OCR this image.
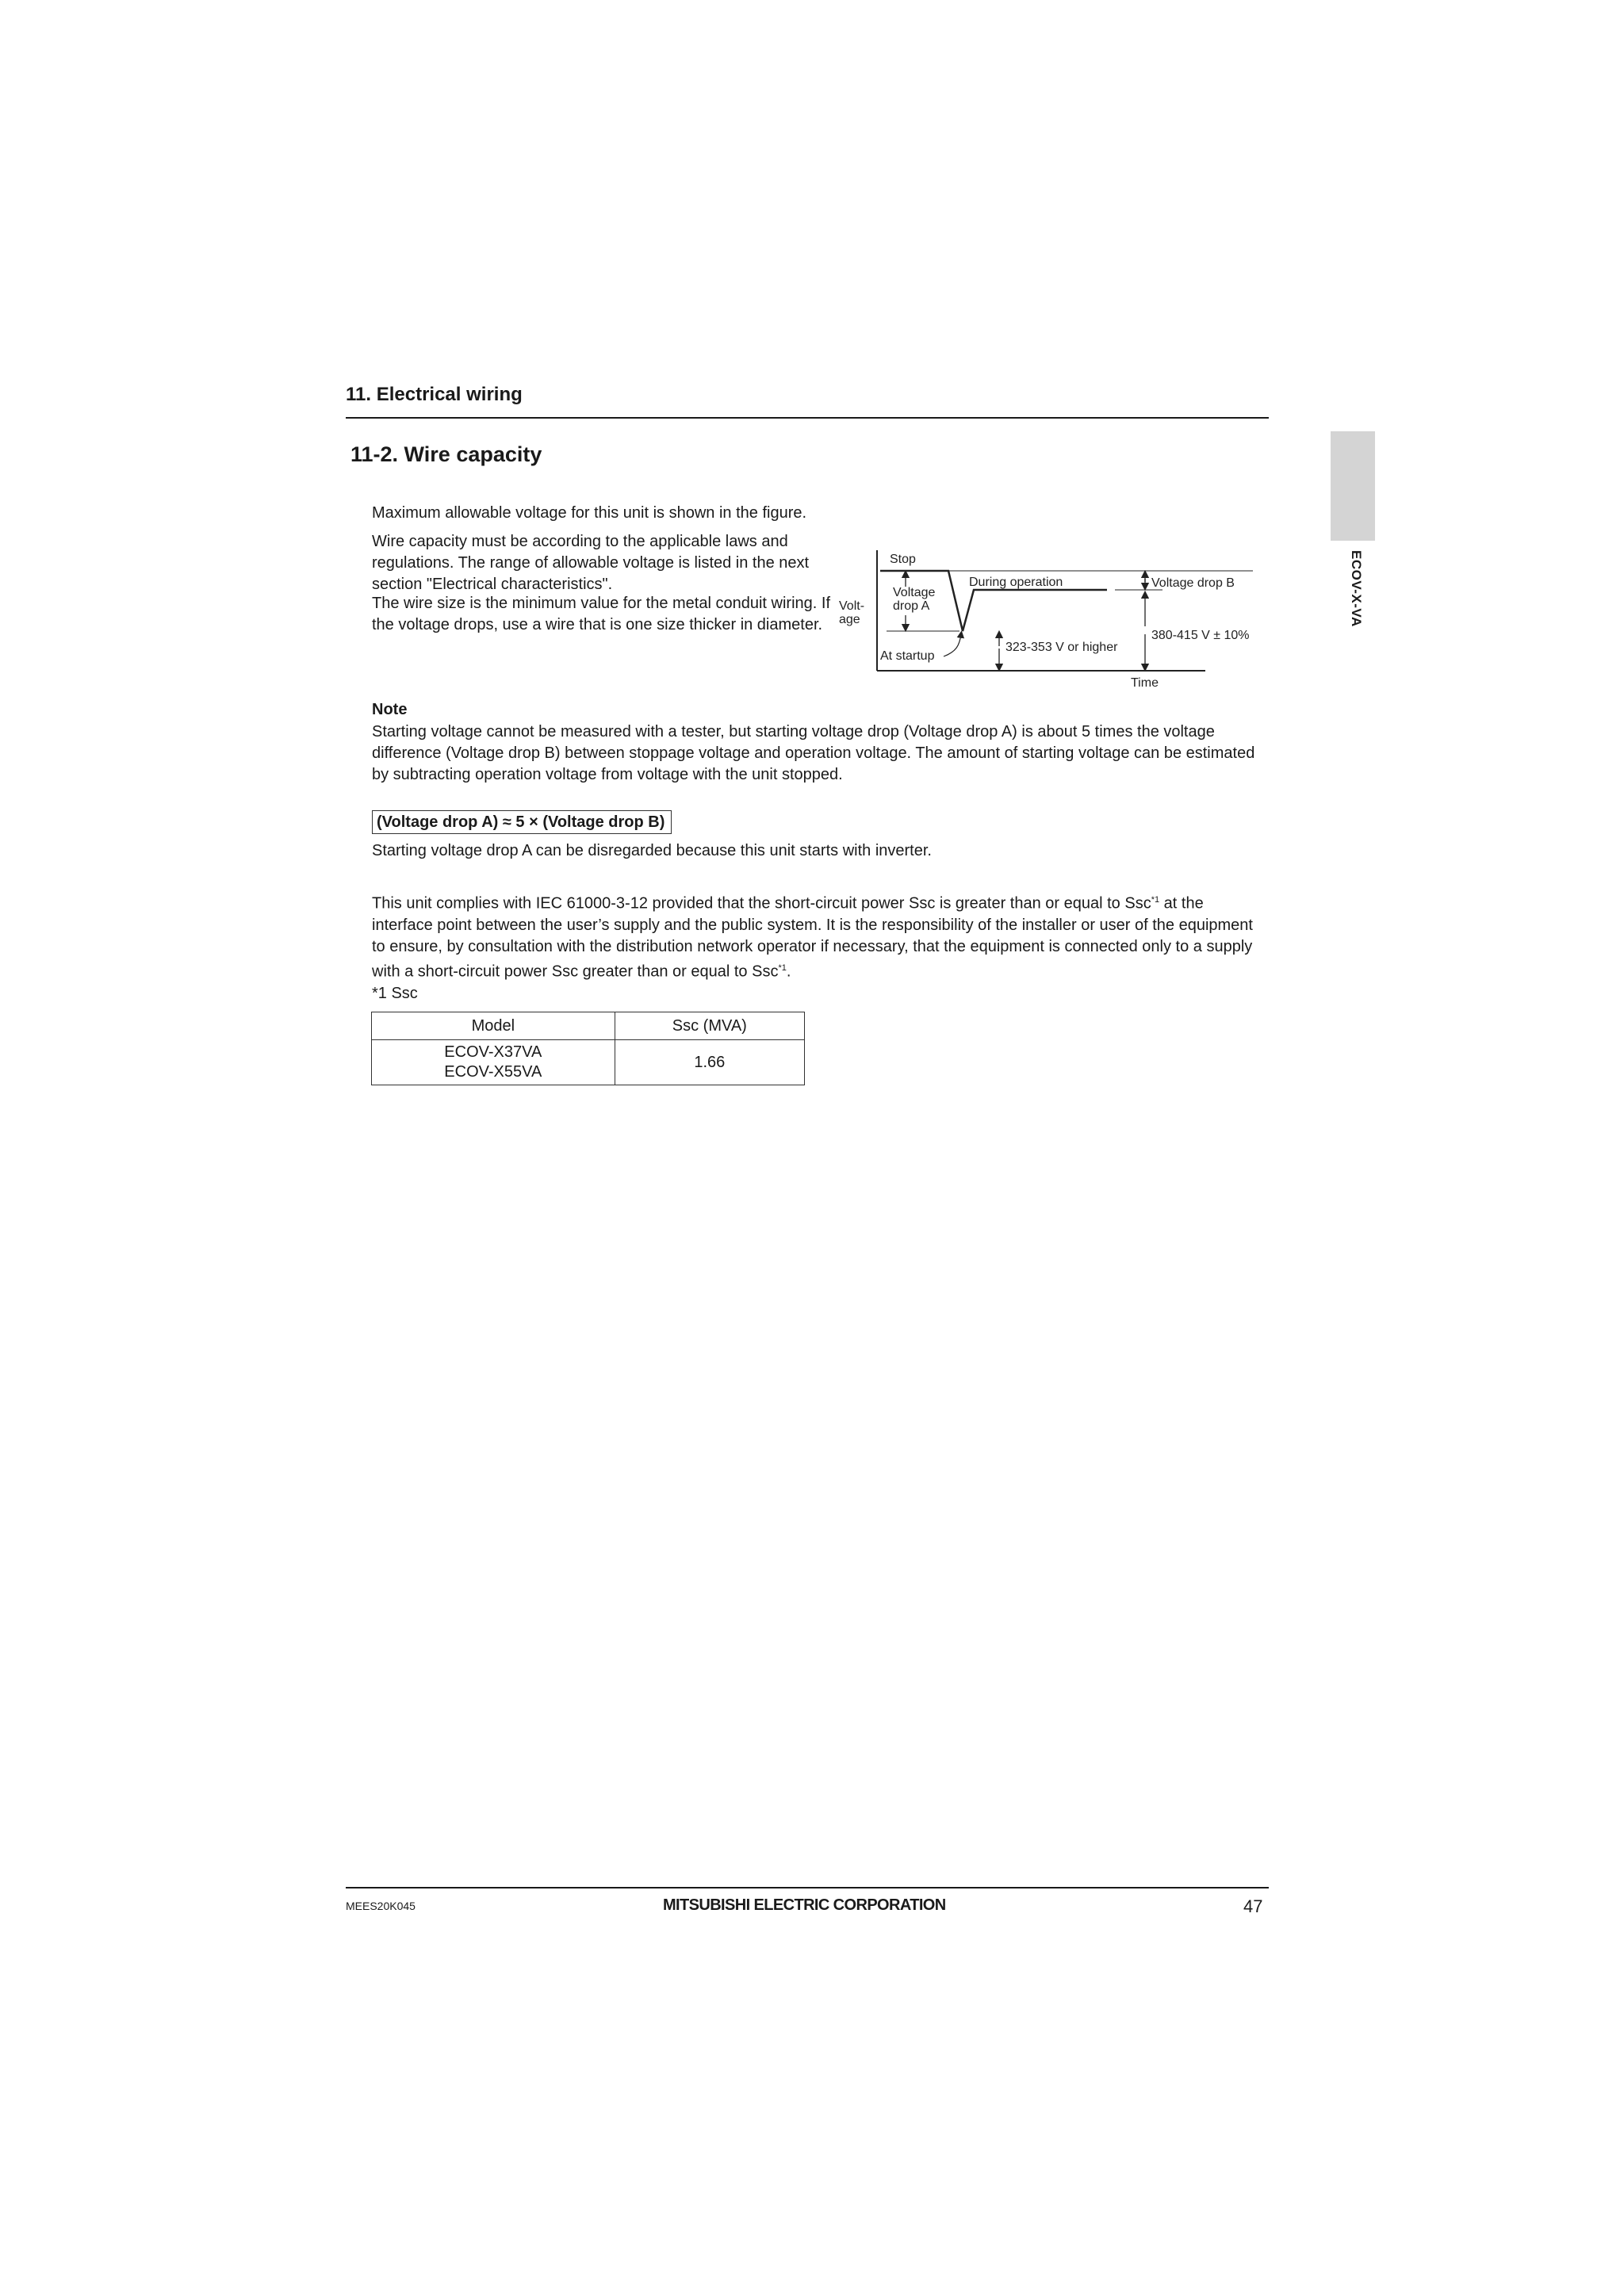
11. Electrical wiring
11-2. Wire capacity
ECOV-X-VA
Maximum allowable voltage for this unit is shown in the figure.
Wire capacity must be according to the applicable laws and regulations. The range of allowable voltage is listed in the next section "Electrical characteristics".
The wire size is the minimum value for the metal conduit wiring. If the voltage drops, use a wire that is one size thicker in diameter.
Volt-
age
Stop
Voltage
drop A
During operation	Voltage drop B
380-415 V ± 10%
323-353 V or higher
At startup
Time
Note
Starting voltage cannot be measured with a tester, but starting voltage drop (Voltage drop A) is about 5 times the voltage difference (Voltage drop B) between stoppage voltage and operation voltage. The amount of starting voltage can be estimated by subtracting operation voltage from voltage with the unit stopped.
(Voltage drop A) ≈ 5 × (Voltage drop B)
Starting voltage drop A can be disregarded because this unit starts with inverter.
This unit complies with IEC 61000-3-12 provided that the short-circuit power Ssc is greater than or equal to Ssc$^{*1}$ at the interface point between the user’s supply and the public system. It is the responsibility of the installer or user of the equipment to ensure, by consultation with the distribution network operator if necessary, that the equipment is connected only to a supply with a short-circuit power Ssc greater than or equal to Ssc$^{*1}$.
*1 Ssc
Model	Ssc (MVA)

ECOV-X37VA
ECOV-X55VA	1.66
MEES20K045	MITSUBISHI ELECTRIC CORPORATION	47
